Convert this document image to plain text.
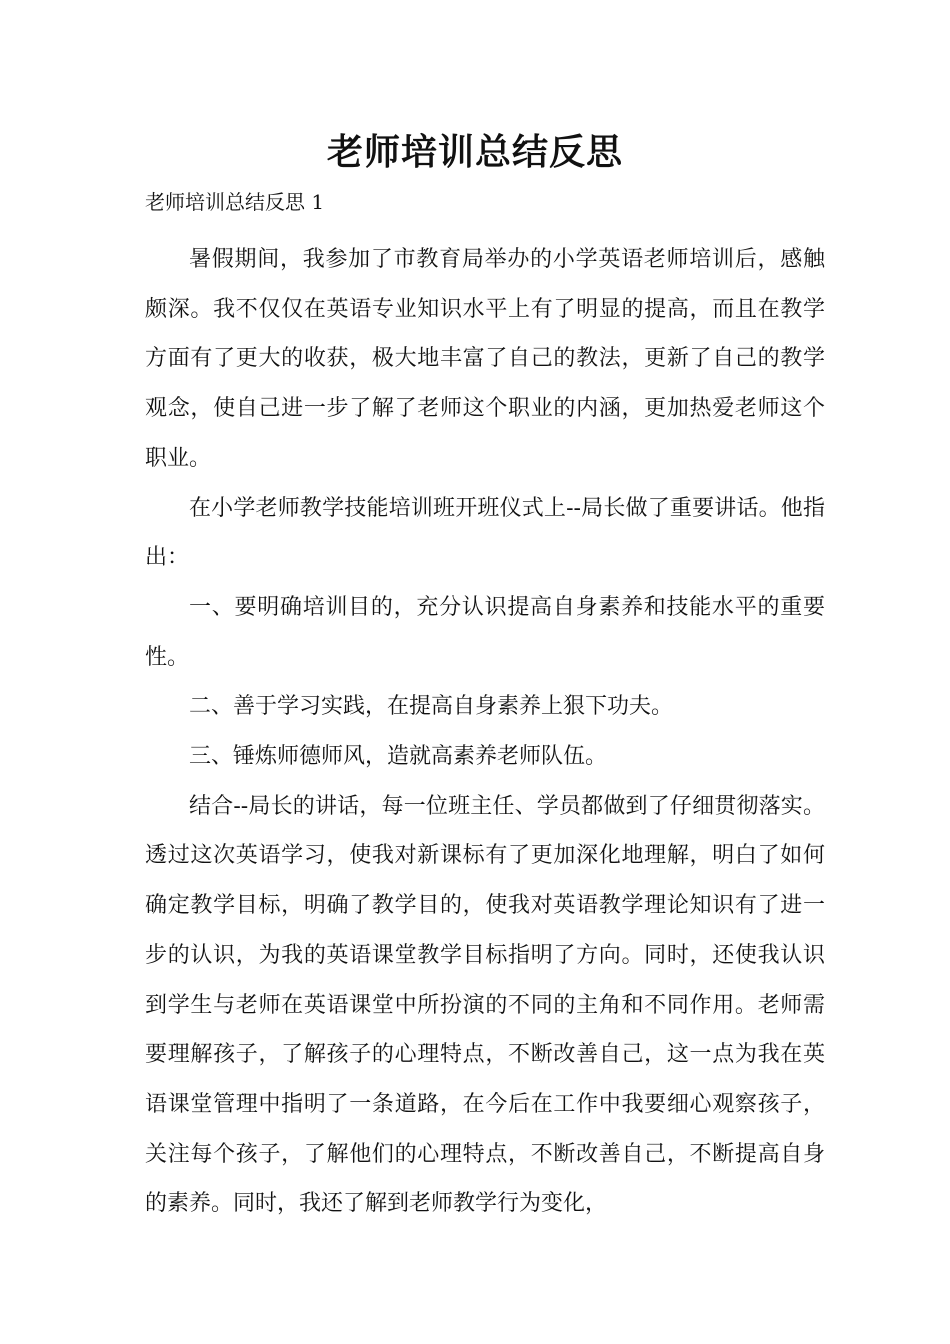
老师培训总结反思
老师培训总结反思 1

暑假期间，我参加了市教育局举办的小学英语老师培训后，感触颇深。我不仅仅在英语专业知识水平上有了明显的提高，而且在教学方面有了更大的收获，极大地丰富了自己的教法，更新了自己的教学观念，使自己进一步了解了老师这个职业的内涵，更加热爱老师这个职业。

在小学老师教学技能培训班开班仪式上--局长做了重要讲话。他指出：

一、要明确培训目的，充分认识提高自身素养和技能水平的重要性。

二、善于学习实践，在提高自身素养上狠下功夫。

三、锤炼师德师风，造就高素养老师队伍。

结合--局长的讲话，每一位班主任、学员都做到了仔细贯彻落实。透过这次英语学习，使我对新课标有了更加深化地理解，明白了如何确定教学目标，明确了教学目的，使我对英语教学理论知识有了进一步的认识，为我的英语课堂教学目标指明了方向。同时，还使我认识到学生与老师在英语课堂中所扮演的不同的主角和不同作用。老师需要理解孩子，了解孩子的心理特点，不断改善自己，这一点为我在英语课堂管理中指明了一条道路，在今后在工作中我要细心观察孩子，关注每个孩子，了解他们的心理特点，不断改善自己，不断提高自身的素养。同时，我还了解到老师教学行为变化，
